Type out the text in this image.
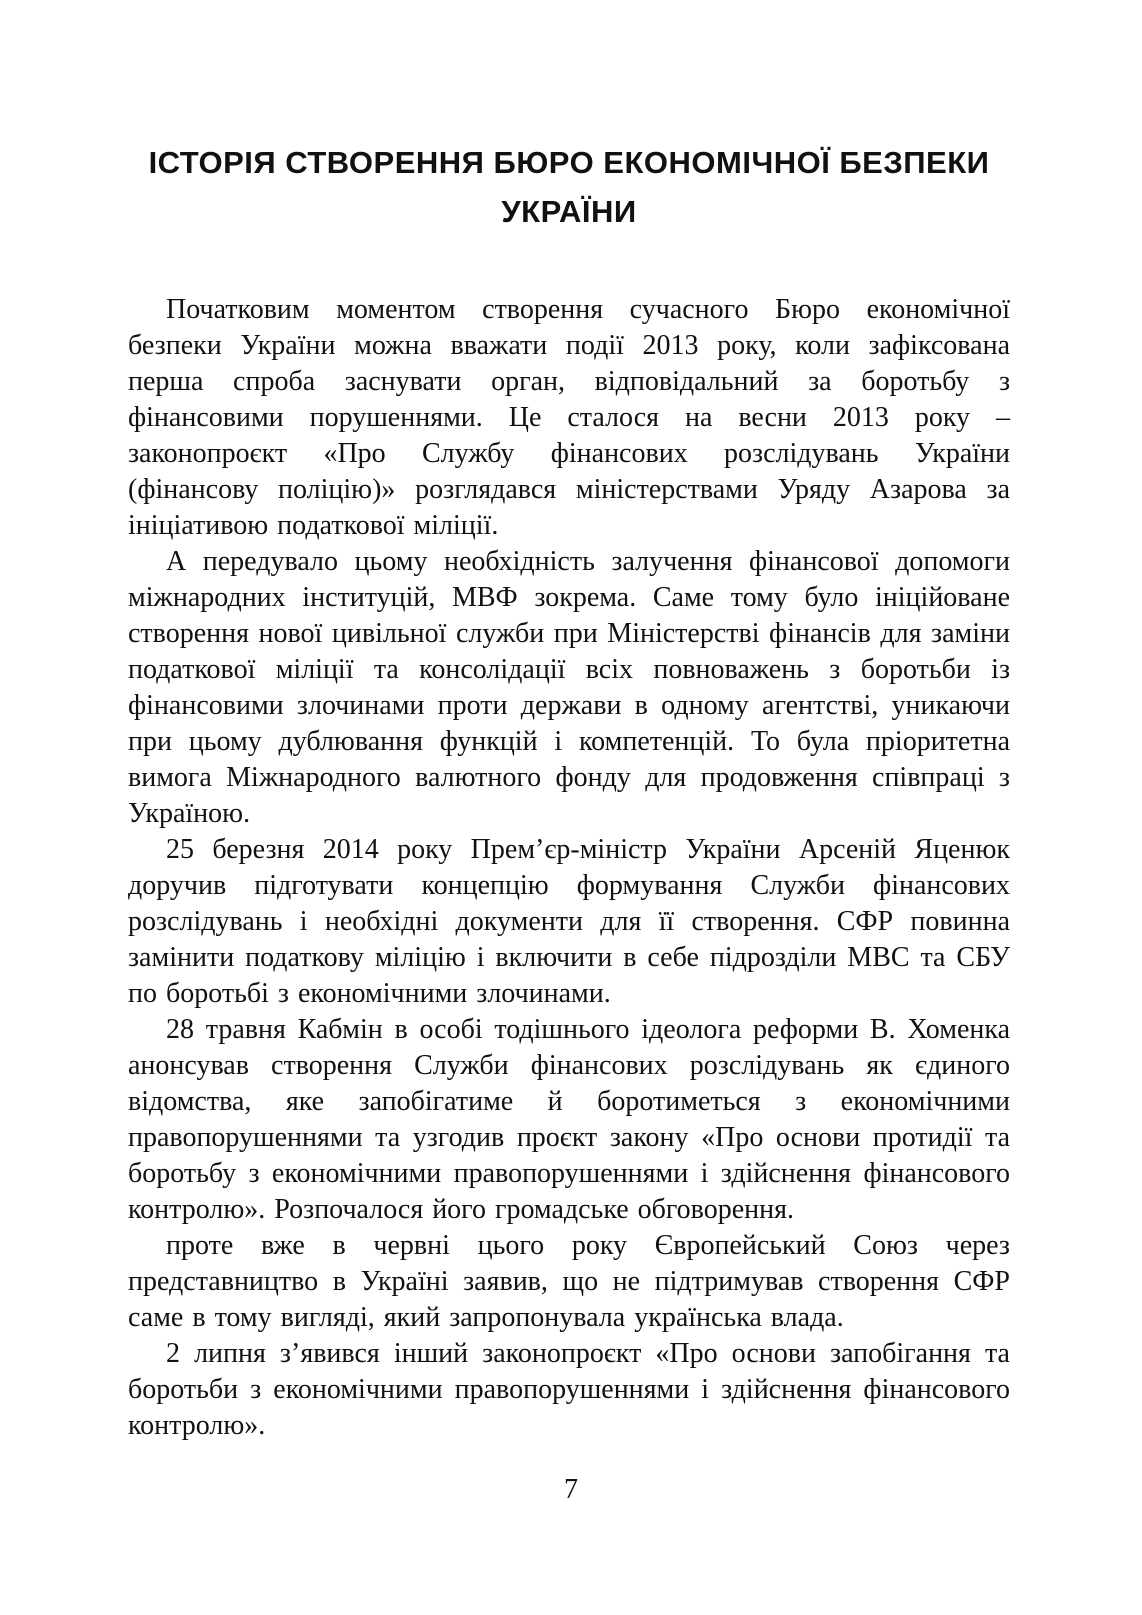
ІСТОРІЯ СТВОРЕННЯ БЮРО ЕКОНОМІЧНОЇ БЕЗПЕКИ УКРАЇНИ

Початковим моментом створення сучасного Бюро економічної безпеки України можна вважати події 2013 року, коли зафіксована перша спроба заснувати орган, відповідальний за боротьбу з фінансовими порушеннями. Це сталося на весни 2013 року – законопроєкт «Про Службу фінансових розслідувань України (фінансову поліцію)» розглядався міністерствами Уряду Азарова за ініціативою податкової міліції.

А передувало цьому необхідність залучення фінансової допомоги міжнародних інституцій, МВФ зокрема. Саме тому було ініційоване створення нової цивільної служби при Міністерстві фінансів для заміни податкової міліції та консолідації всіх повноважень з боротьби із фінансовими злочинами проти держави в одному агентстві, уникаючи при цьому дублювання функцій і компетенцій. То була пріоритетна вимога Міжнародного валютного фонду для продовження співпраці з Україною.

25 березня 2014 року Прем’єр-міністр України Арсеній Яценюк доручив підготувати концепцію формування Служби фінансових розслідувань і необхідні документи для її створення. СФР повинна замінити податкову міліцію і включити в себе підрозділи МВС та СБУ по боротьбі з економічними злочинами.

28 травня Кабмін в особі тодішнього ідеолога реформи В. Хоменка анонсував створення Служби фінансових розслідувань як єдиного відомства, яке запобігатиме й боротиметься з економічними правопорушеннями та узгодив проєкт закону «Про основи протидії та боротьбу з економічними правопорушеннями і здійснення фінансового контролю». Розпочалося його громадське обговорення.

проте вже в червні цього року Європейський Союз через представництво в Україні заявив, що не підтримував створення СФР саме в тому вигляді, який запропонувала українська влада.

2 липня з’явився інший законопроєкт «Про основи запобігання та боротьби з економічними правопорушеннями і здійснення фінансового контролю».

7
